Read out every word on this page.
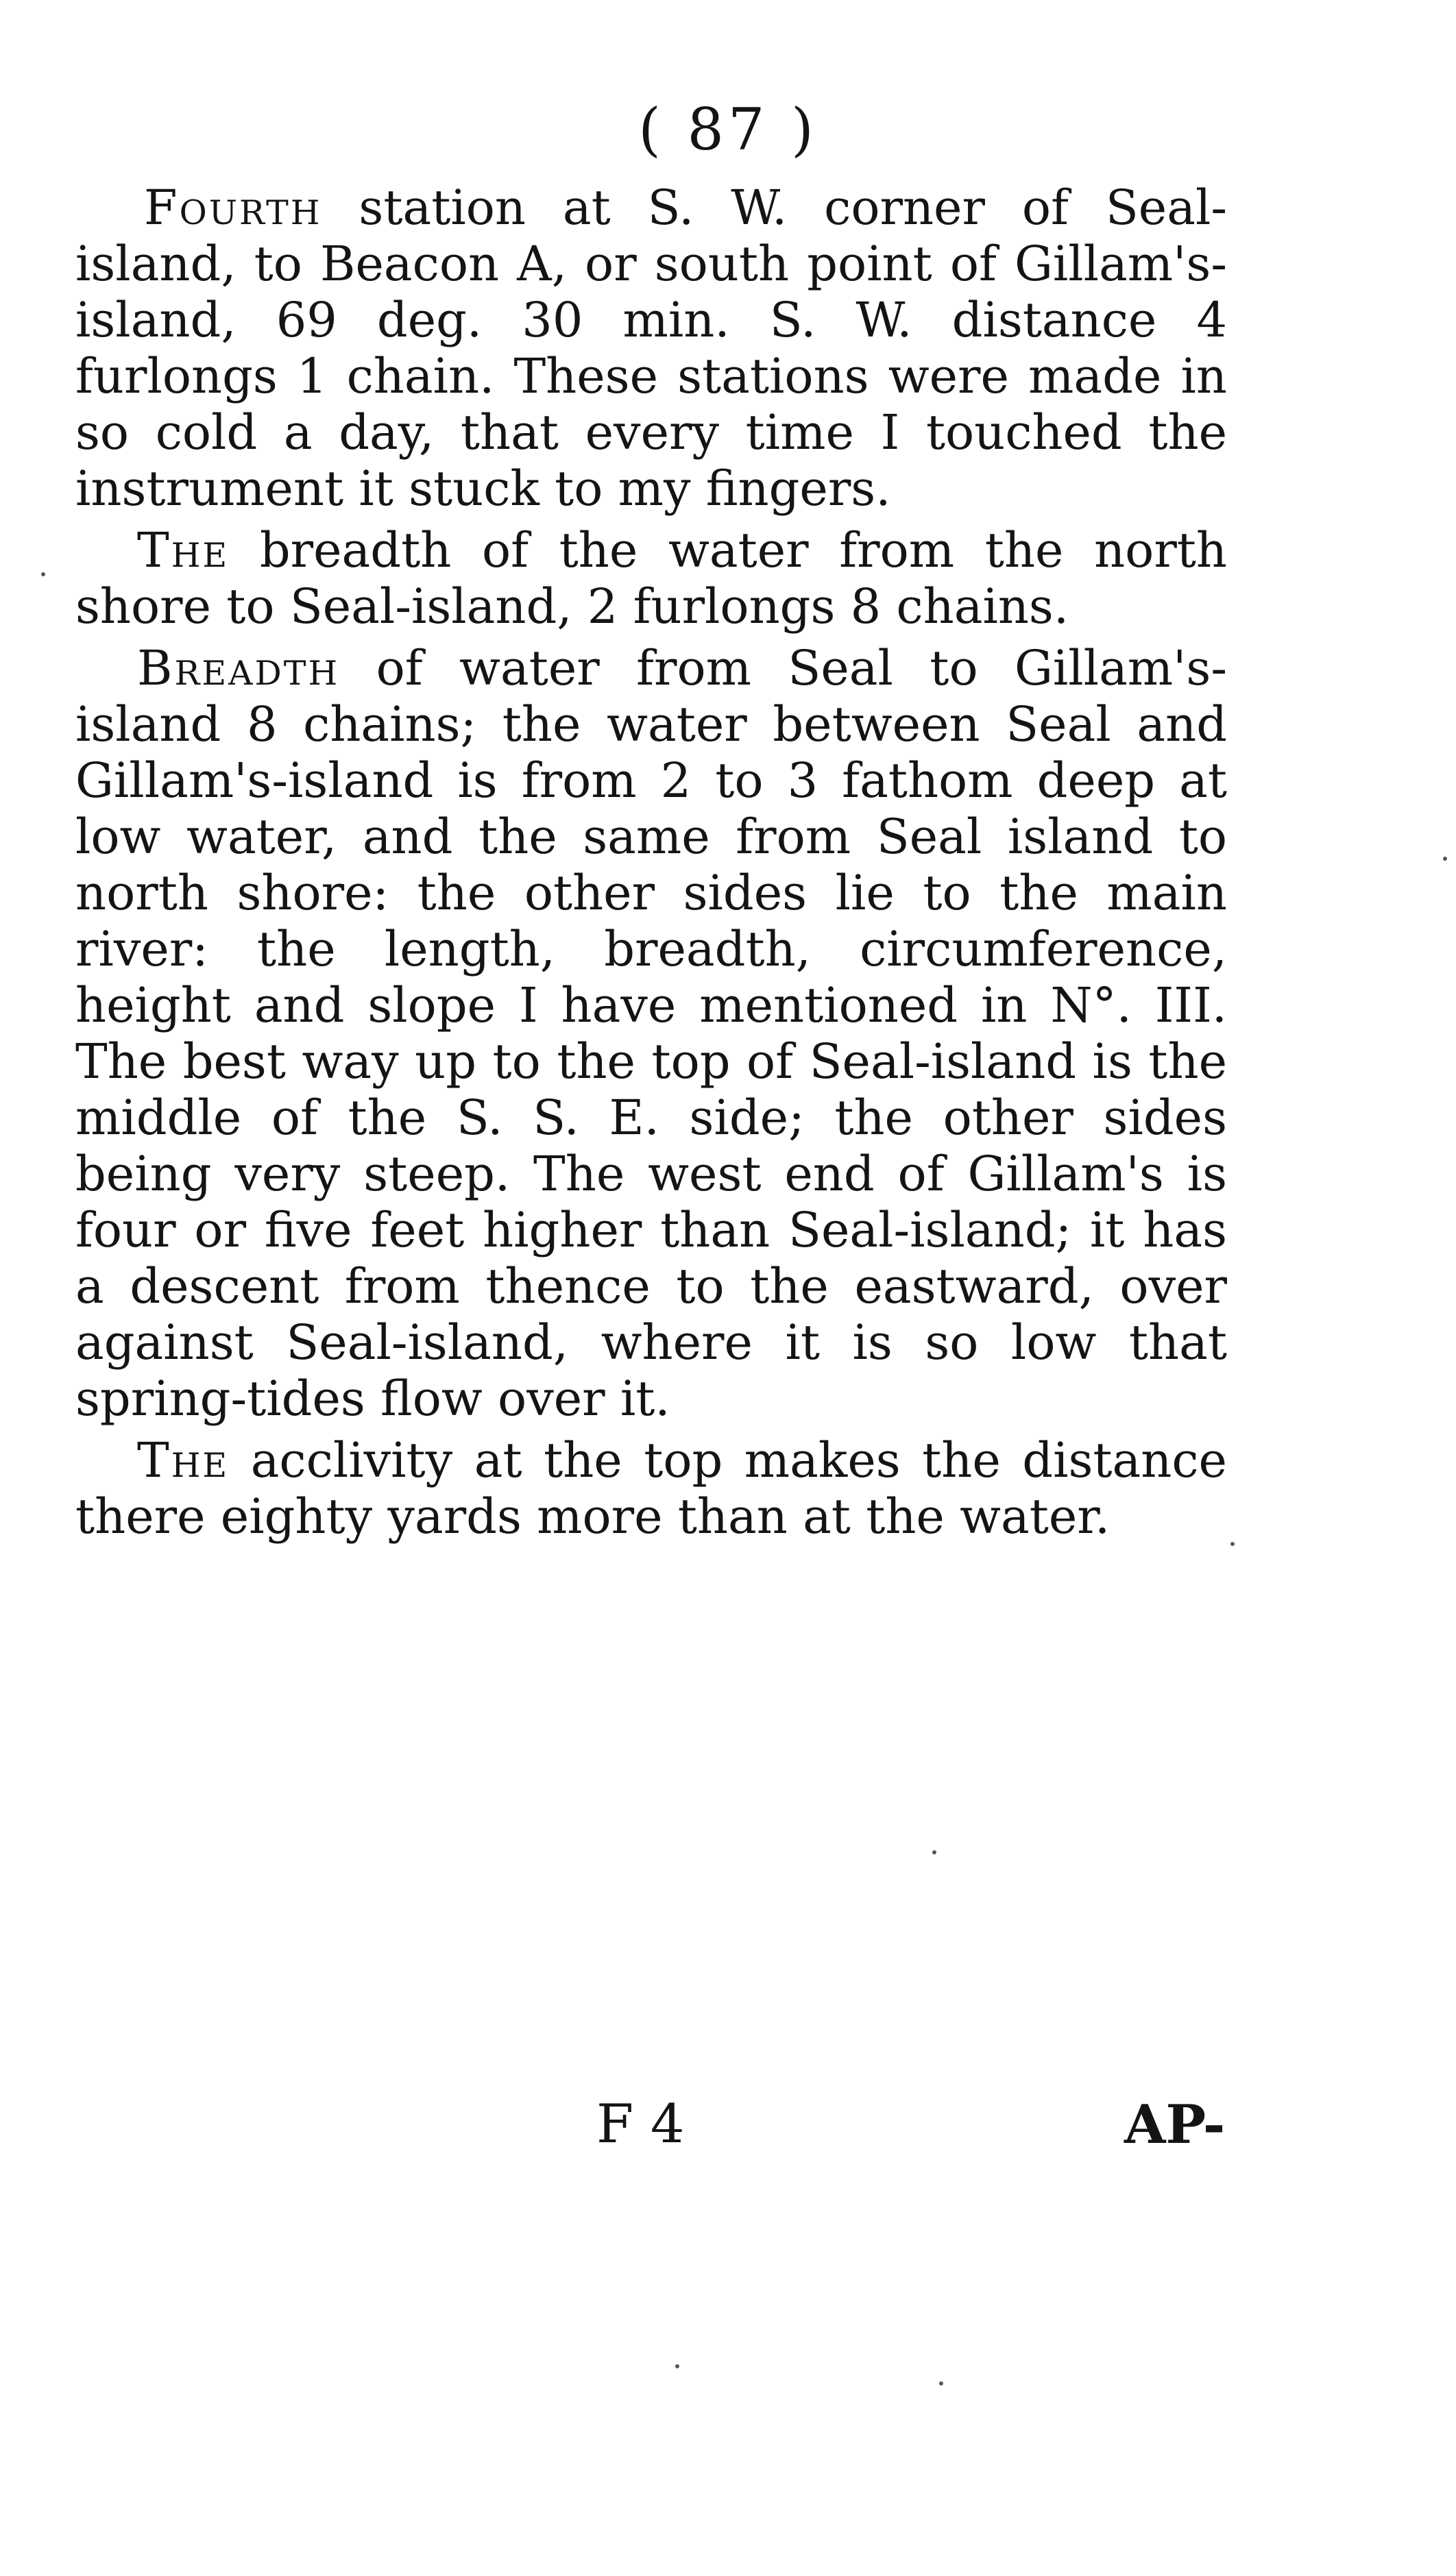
( 87 )

Fourth station at S. W. corner of Seal-island, to Beacon A, or south point of Gillam's-island, 69 deg. 30 min. S. W. distance 4 furlongs 1 chain. These stations were made in so cold a day, that every time I touched the instrument it stuck to my fingers.

The breadth of the water from the north shore to Seal-island, 2 furlongs 8 chains.

Breadth of water from Seal to Gillam's-island 8 chains; the water between Seal and Gillam's-island is from 2 to 3 fathom deep at low water, and the same from Seal island to north shore: the other sides lie to the main river: the length, breadth, circumference, height and slope I have mentioned in N°. III. The best way up to the top of Seal-island is the middle of the S. S. E. side; the other sides being very steep. The west end of Gillam's is four or five feet higher than Seal-island; it has a descent from thence to the eastward, over against Seal-island, where it is so low that spring-tides flow over it.

The acclivity at the top makes the distance there eighty yards more than at the water.

F 4	AP-
